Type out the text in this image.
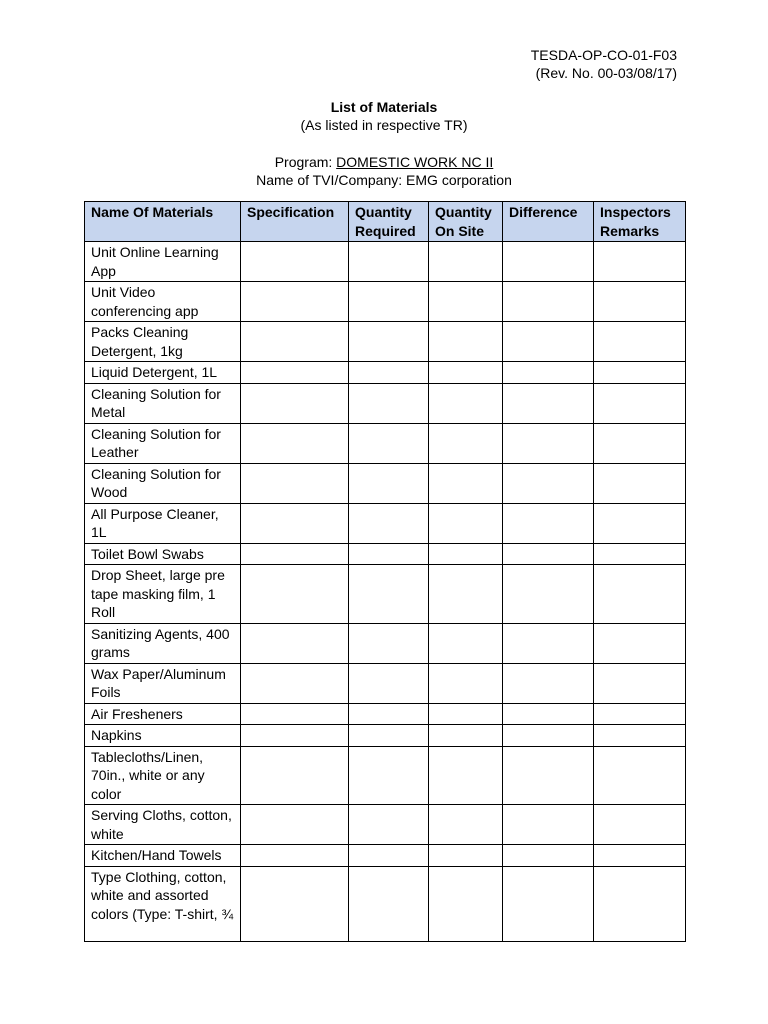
TESDA-OP-CO-01-F03
(Rev. No. 00-03/08/17)
List of Materials
(As listed in respective TR)
Program: DOMESTIC WORK NC II
Name of TVI/Company: EMG corporation
Name Of Materials	Specification	Quantity Required	Quantity On Site	Difference	Inspectors Remarks
Unit Online Learning App					
Unit Video conferencing app					
Packs Cleaning Detergent, 1kg					
Liquid Detergent, 1L					
Cleaning Solution for Metal					
Cleaning Solution for Leather					
Cleaning Solution for Wood					
All Purpose Cleaner, 1L					
Toilet Bowl Swabs					
Drop Sheet, large pre tape masking film, 1 Roll					
Sanitizing Agents, 400 grams					
Wax Paper/Aluminum Foils					
Air Fresheners					
Napkins					
Tablecloths/Linen, 70in., white or any color					
Serving Cloths, cotton, white					
Kitchen/Hand Towels					

Type Clothing, cotton, white and assorted colors (Type: T-shirt, ¾					
